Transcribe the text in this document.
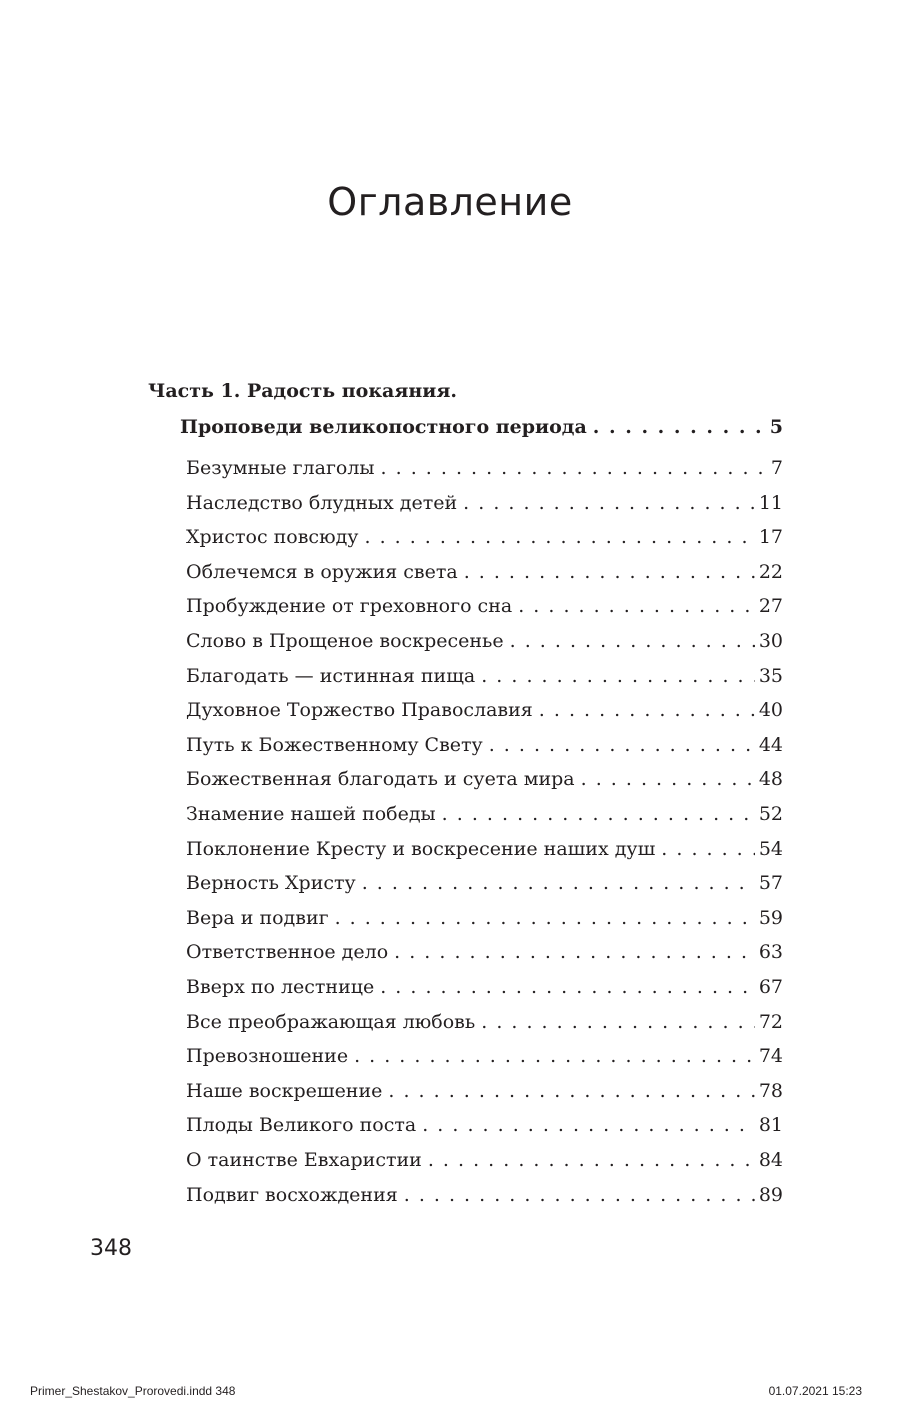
Оглавление
Часть 1. Радость покаяния.
Проповеди великопостного периода . . .	5
Безумные глаголы . . .	7
Наследство блудных детей . . .	11
Христос повсюду . . .	17
Облечемся в оружия света . . .	22
Пробуждение от греховного сна . . .	27
Слово в Прощеное воскресенье . . .	30
Благодать — истинная пища . . .	35
Духовное Торжество Православия . . .	40
Путь к Божественному Свету . . .	44
Божественная благодать и суета мира . . .	48
Знамение нашей победы . . .	52
Поклонение Кресту и воскресение наших душ . . .	54
Верность Христу . . .	57
Вера и подвиг . . .	59
Ответственное дело . . .	63
Вверх по лестнице . . .	67
Все преображающая любовь . . .	72
Превозношение . . .	74
Наше воскрешение . . .	78
Плоды Великого поста . . .	81
О таинстве Евхаристии . . .	84
Подвиг восхождения . . .	89
348
Primer_Shestakov_Prorovedi.indd 348	01.07.2021 15:23
